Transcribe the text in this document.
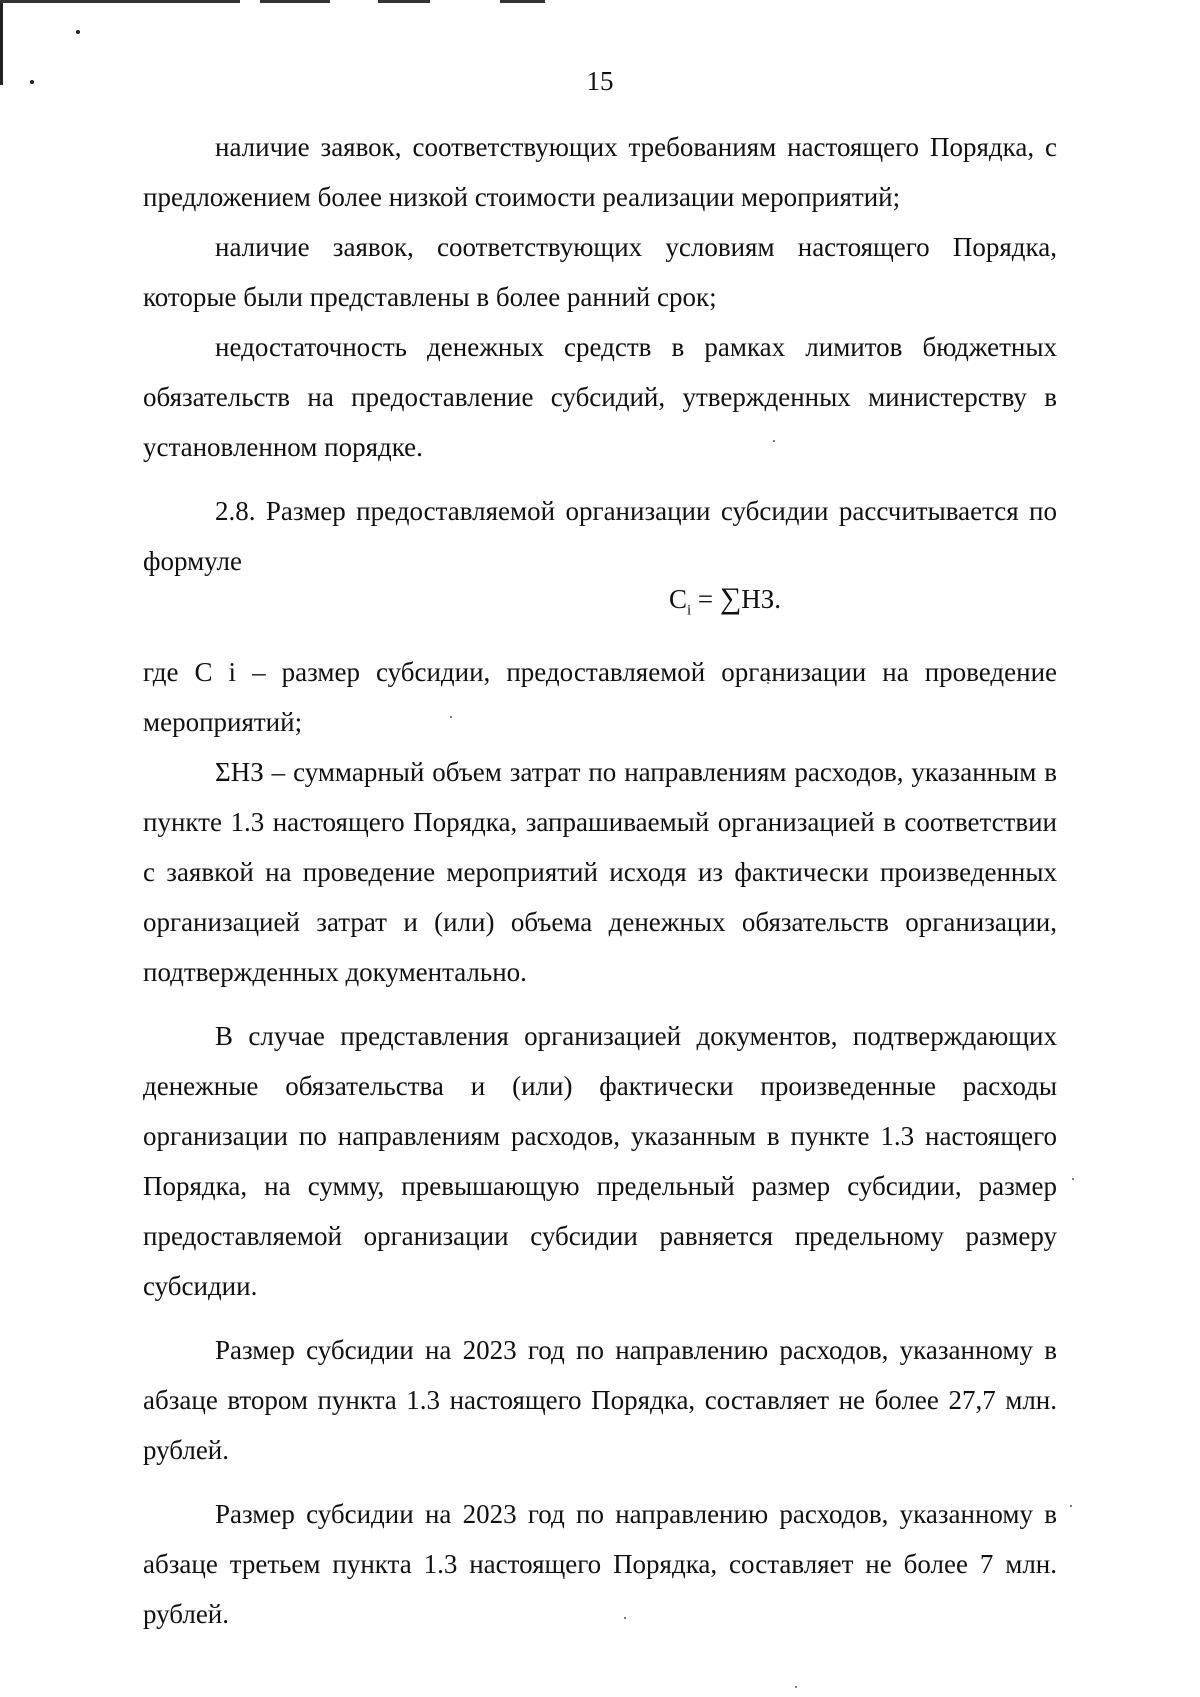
15

наличие заявок, соответствующих требованиям настоящего Порядка, с предложением более низкой стоимости реализации мероприятий;

наличие заявок, соответствующих условиям настоящего Порядка, которые были представлены в более ранний срок;

недостаточность денежных средств в рамках лимитов бюджетных обязательств на предоставление субсидий, утвержденных министерству в установленном порядке.

2.8. Размер предоставляемой организации субсидии рассчитывается по формуле

$С_i = \sum НЗ$.

где С i – размер субсидии, предоставляемой организации на проведение мероприятий;

ΣНЗ – суммарный объем затрат по направлениям расходов, указанным в пункте 1.3 настоящего Порядка, запрашиваемый организацией в соответствии с заявкой на проведение мероприятий исходя из фактически произведенных организацией затрат и (или) объема денежных обязательств организации, подтвержденных документально.

В случае представления организацией документов, подтверждающих денежные обязательства и (или) фактически произведенные расходы организации по направлениям расходов, указанным в пункте 1.3 настоящего Порядка, на сумму, превышающую предельный размер субсидии, размер предоставляемой организации субсидии равняется предельному размеру субсидии.

Размер субсидии на 2023 год по направлению расходов, указанному в абзаце втором пункта 1.3 настоящего Порядка, составляет не более 27,7 млн. рублей.

Размер субсидии на 2023 год по направлению расходов, указанному в абзаце третьем пункта 1.3 настоящего Порядка, составляет не более 7 млн. рублей.
